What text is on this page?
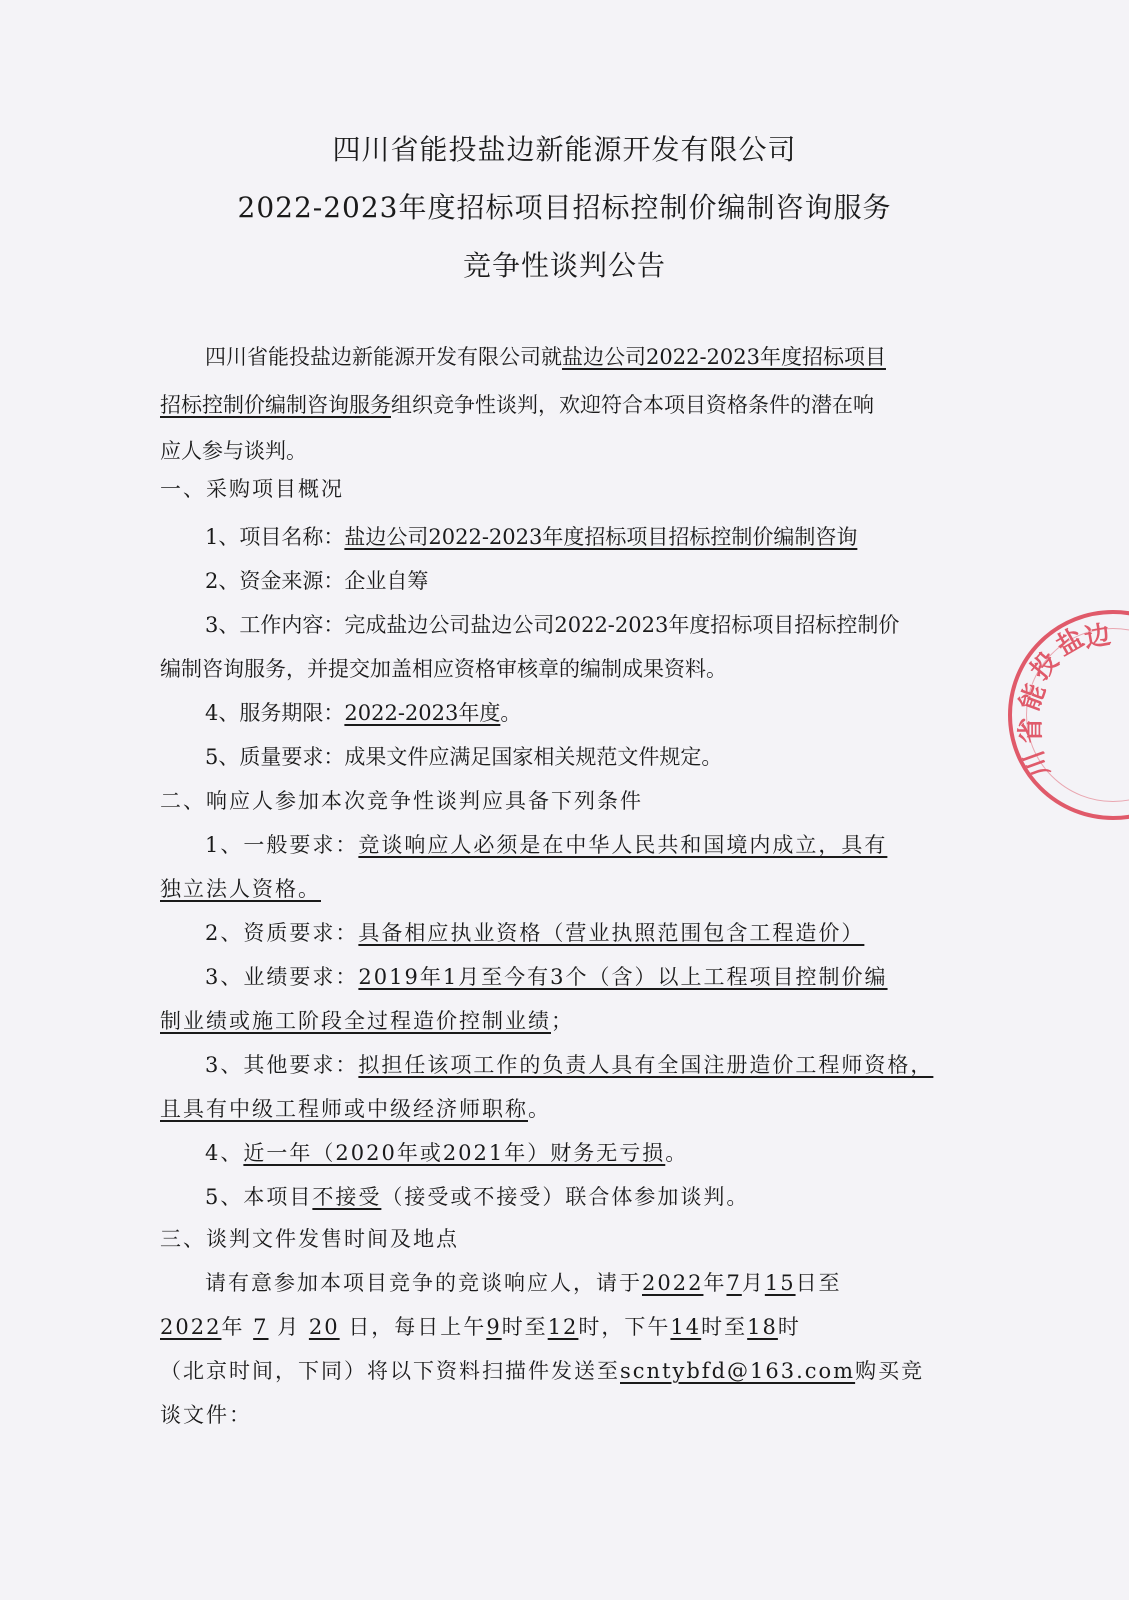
四川省能投盐边新能源开发有限公司
2022-2023年度招标项目招标控制价编制咨询服务
竞争性谈判公告
四川省能投盐边新能源开发有限公司就盐边公司2022-2023年度招标项目
招标控制价编制咨询服务组织竞争性谈判，欢迎符合本项目资格条件的潜在响
应人参与谈判。
一、采购项目概况
1、项目名称：盐边公司2022-2023年度招标项目招标控制价编制咨询
2、资金来源：企业自筹
3、工作内容：完成盐边公司盐边公司2022-2023年度招标项目招标控制价
编制咨询服务，并提交加盖相应资格审核章的编制成果资料。
4、服务期限：2022-2023年度。
5、质量要求：成果文件应满足国家相关规范文件规定。
二、响应人参加本次竞争性谈判应具备下列条件
1、一般要求：竞谈响应人必须是在中华人民共和国境内成立，具有
独立法人资格。
2、资质要求：具备相应执业资格（营业执照范围包含工程造价）
3、业绩要求：2019年1月至今有3个（含）以上工程项目控制价编
制业绩或施工阶段全过程造价控制业绩；
3、其他要求：拟担任该项工作的负责人具有全国注册造价工程师资格，
且具有中级工程师或中级经济师职称。
4、近一年（2020年或2021年）财务无亏损。
5、本项目不接受（接受或不接受）联合体参加谈判。
三、谈判文件发售时间及地点
请有意参加本项目竞争的竞谈响应人，请于2022年7月15日至
2022年 7 月 20 日，每日上午9时至12时，下午14时至18时
（北京时间，下同）将以下资料扫描件发送至scntybfd@163.com购买竞
谈文件：
盐
边
投
能
省
川
